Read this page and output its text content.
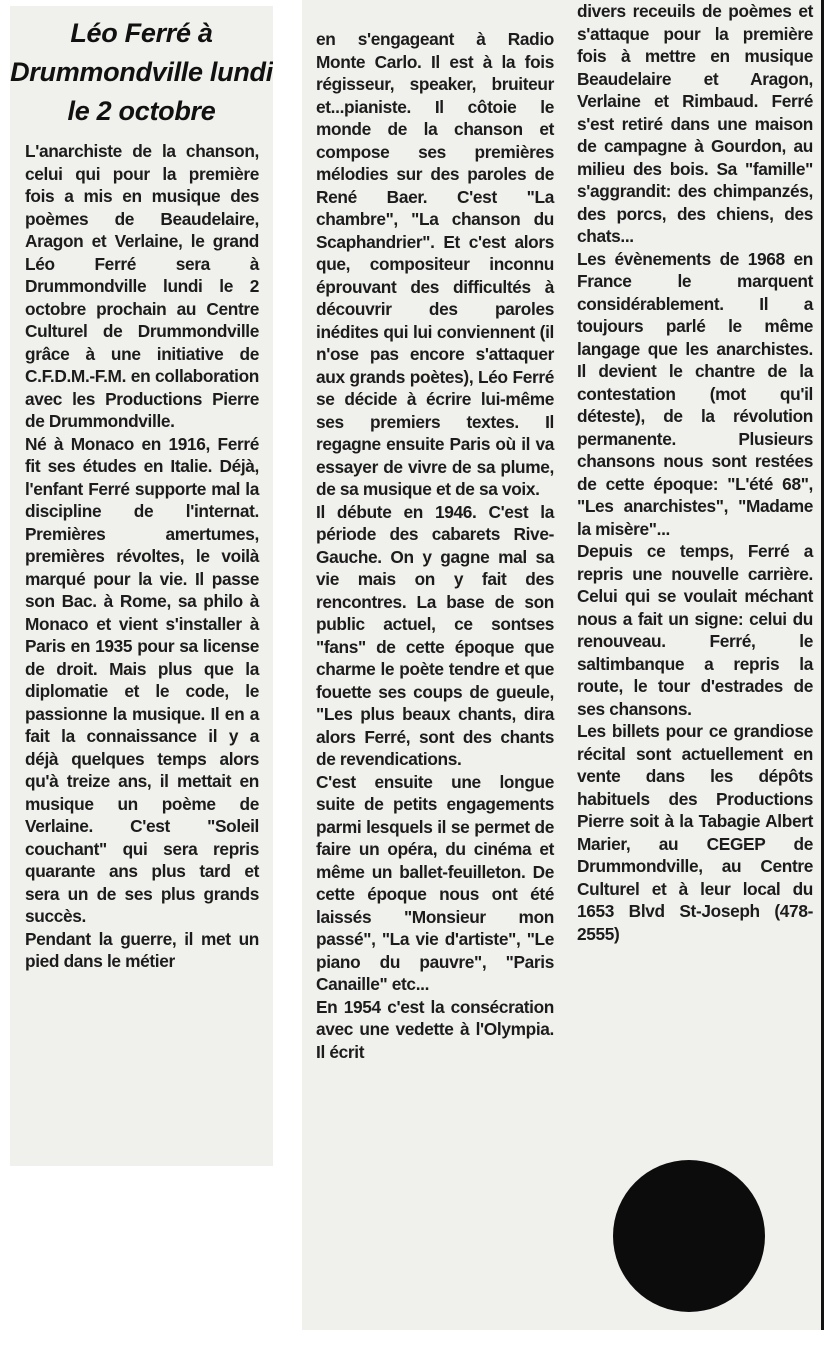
Léo Ferré à Drummondville lundi le 2 octobre

L'anarchiste de la chanson, celui qui pour la première fois a mis en musique des poèmes de Beaudelaire, Aragon et Verlaine, le grand Léo Ferré sera à Drummondville lundi le 2 octobre prochain au Centre Culturel de Drummondville grâce à une initiative de C.F.D.M.-F.M. en collaboration avec les Productions Pierre de Drummondville.

Né à Monaco en 1916, Ferré fit ses études en Italie. Déjà, l'enfant Ferré supporte mal la discipline de l'internat. Premières amertumes, premières révoltes, le voilà marqué pour la vie. Il passe son Bac. à Rome, sa philo à Monaco et vient s'installer à Paris en 1935 pour sa license de droit. Mais plus que la diplomatie et le code, le passionne la musique. Il en a fait la connaissance il y a déjà quelques temps alors qu'à treize ans, il mettait en musique un poème de Verlaine. C'est "Soleil couchant" qui sera repris quarante ans plus tard et sera un de ses plus grands succès.

Pendant la guerre, il met un pied dans le métier

en s'engageant à Radio Monte Carlo. Il est à la fois régisseur, speaker, bruiteur et...pianiste. Il côtoie le monde de la chanson et compose ses premières mélodies sur des paroles de René Baer. C'est "La chambre", "La chanson du Scaphandrier". Et c'est alors que, compositeur inconnu éprouvant des difficultés à découvrir des paroles inédites qui lui conviennent (il n'ose pas encore s'attaquer aux grands poètes), Léo Ferré se décide à écrire lui-même ses premiers textes. Il regagne ensuite Paris où il va essayer de vivre de sa plume, de sa musique et de sa voix.

Il débute en 1946. C'est la période des cabarets Rive-Gauche. On y gagne mal sa vie mais on y fait des rencontres. La base de son public actuel, ce sontses "fans" de cette époque que charme le poète tendre et que fouette ses coups de gueule, "Les plus beaux chants, dira alors Ferré, sont des chants de revendications.

C'est ensuite une longue suite de petits engagements parmi lesquels il se permet de faire un opéra, du cinéma et même un ballet-feuilleton. De cette époque nous ont été laissés "Monsieur mon passé", "La vie d'artiste", "Le piano du pauvre", "Paris Canaille" etc...

En 1954 c'est la consécration avec une vedette à l'Olympia. Il écrit

divers receuils de poèmes et s'attaque pour la première fois à mettre en musique Beaudelaire et Aragon, Verlaine et Rimbaud. Ferré s'est retiré dans une maison de campagne à Gourdon, au milieu des bois. Sa "famille" s'aggrandit: des chimpanzés, des porcs, des chiens, des chats...

Les évènements de 1968 en France le marquent considérablement. Il a toujours parlé le même langage que les anarchistes. Il devient le chantre de la contestation (mot qu'il déteste), de la révolution permanente. Plusieurs chansons nous sont restées de cette époque: "L'été 68", "Les anarchistes", "Madame la misère"...

Depuis ce temps, Ferré a repris une nouvelle carrière. Celui qui se voulait méchant nous a fait un signe: celui du renouveau. Ferré, le saltimbanque a repris la route, le tour d'estrades de ses chansons.

Les billets pour ce grandiose récital sont actuellement en vente dans les dépôts habituels des Productions Pierre soit à la Tabagie Albert Marier, au CEGEP de Drummondville, au Centre Culturel et à leur local du 1653 Blvd St-Joseph (478-2555)
